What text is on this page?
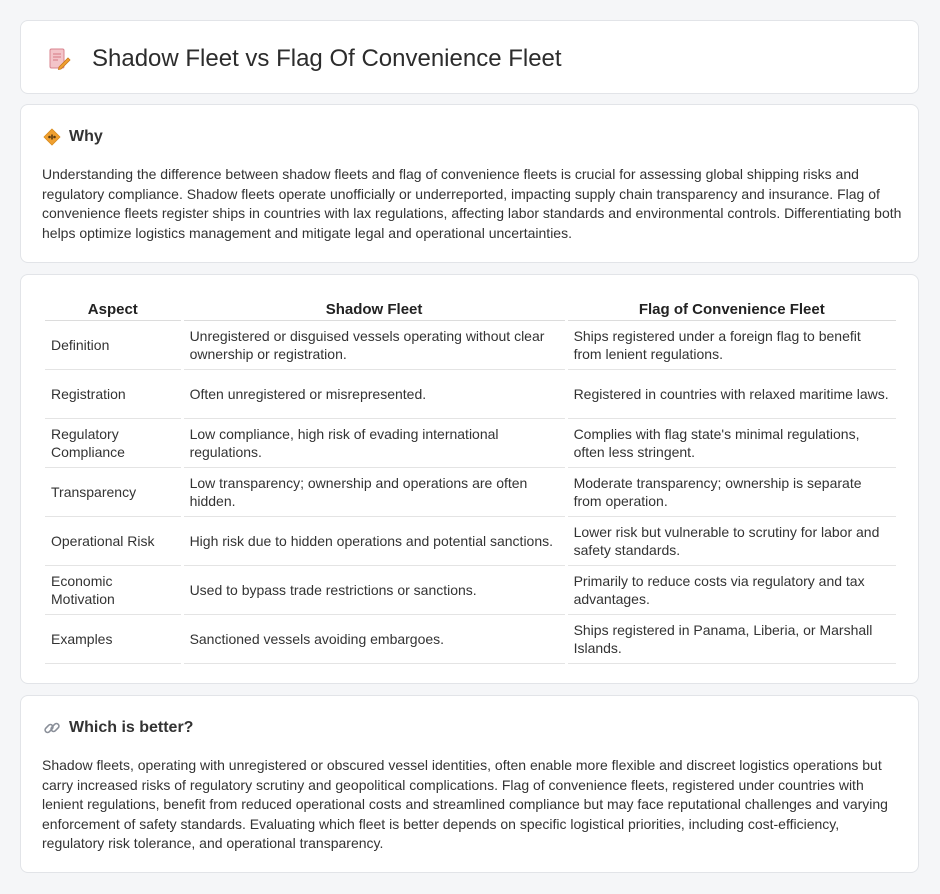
Shadow Fleet vs Flag Of Convenience Fleet
Why

Understanding the difference between shadow fleets and flag of convenience fleets is crucial for assessing global shipping risks and regulatory compliance. Shadow fleets operate unofficially or underreported, impacting supply chain transparency and insurance. Flag of convenience fleets register ships in countries with lax regulations, affecting labor standards and environmental controls. Differentiating both helps optimize logistics management and mitigate legal and operational uncertainties.

Aspect	Shadow Fleet	Flag of Convenience Fleet
Definition	Unregistered or disguised vessels operating without clear ownership or registration.	Ships registered under a foreign flag to benefit from lenient regulations.
Registration	Often unregistered or misrepresented.	Registered in countries with relaxed maritime laws.
Regulatory Compliance	Low compliance, high risk of evading international regulations.	Complies with flag state's minimal regulations, often less stringent.
Transparency	Low transparency; ownership and operations are often hidden.	Moderate transparency; ownership is separate from operation.
Operational Risk	High risk due to hidden operations and potential sanctions.	Lower risk but vulnerable to scrutiny for labor and safety standards.
Economic Motivation	Used to bypass trade restrictions or sanctions.	Primarily to reduce costs via regulatory and tax advantages.
Examples	Sanctioned vessels avoiding embargoes.	Ships registered in Panama, Liberia, or Marshall Islands.
Which is better?

Shadow fleets, operating with unregistered or obscured vessel identities, often enable more flexible and discreet logistics operations but carry increased risks of regulatory scrutiny and geopolitical complications. Flag of convenience fleets, registered under countries with lenient regulations, benefit from reduced operational costs and streamlined compliance but may face reputational challenges and varying enforcement of safety standards. Evaluating which fleet is better depends on specific logistical priorities, including cost-efficiency, regulatory risk tolerance, and operational transparency.
